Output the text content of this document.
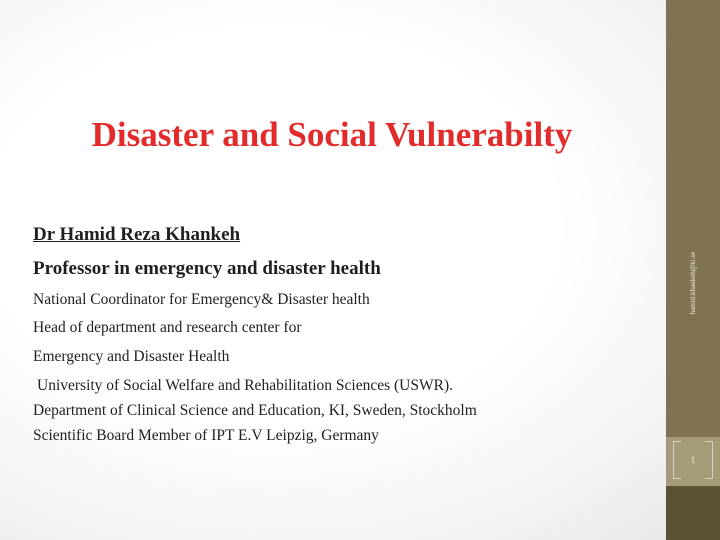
hamid.khankeh@ki.se
1
Disaster and Social Vulnerabilty
Dr Hamid Reza Khankeh
Professor in emergency and disaster health
National Coordinator for Emergency& Disaster health
Head of department and research center for
Emergency and Disaster Health
University of Social Welfare and Rehabilitation Sciences (USWR).
Department of Clinical Science and Education, KI, Sweden, Stockholm
Scientific Board Member of IPT E.V Leipzig, Germany
